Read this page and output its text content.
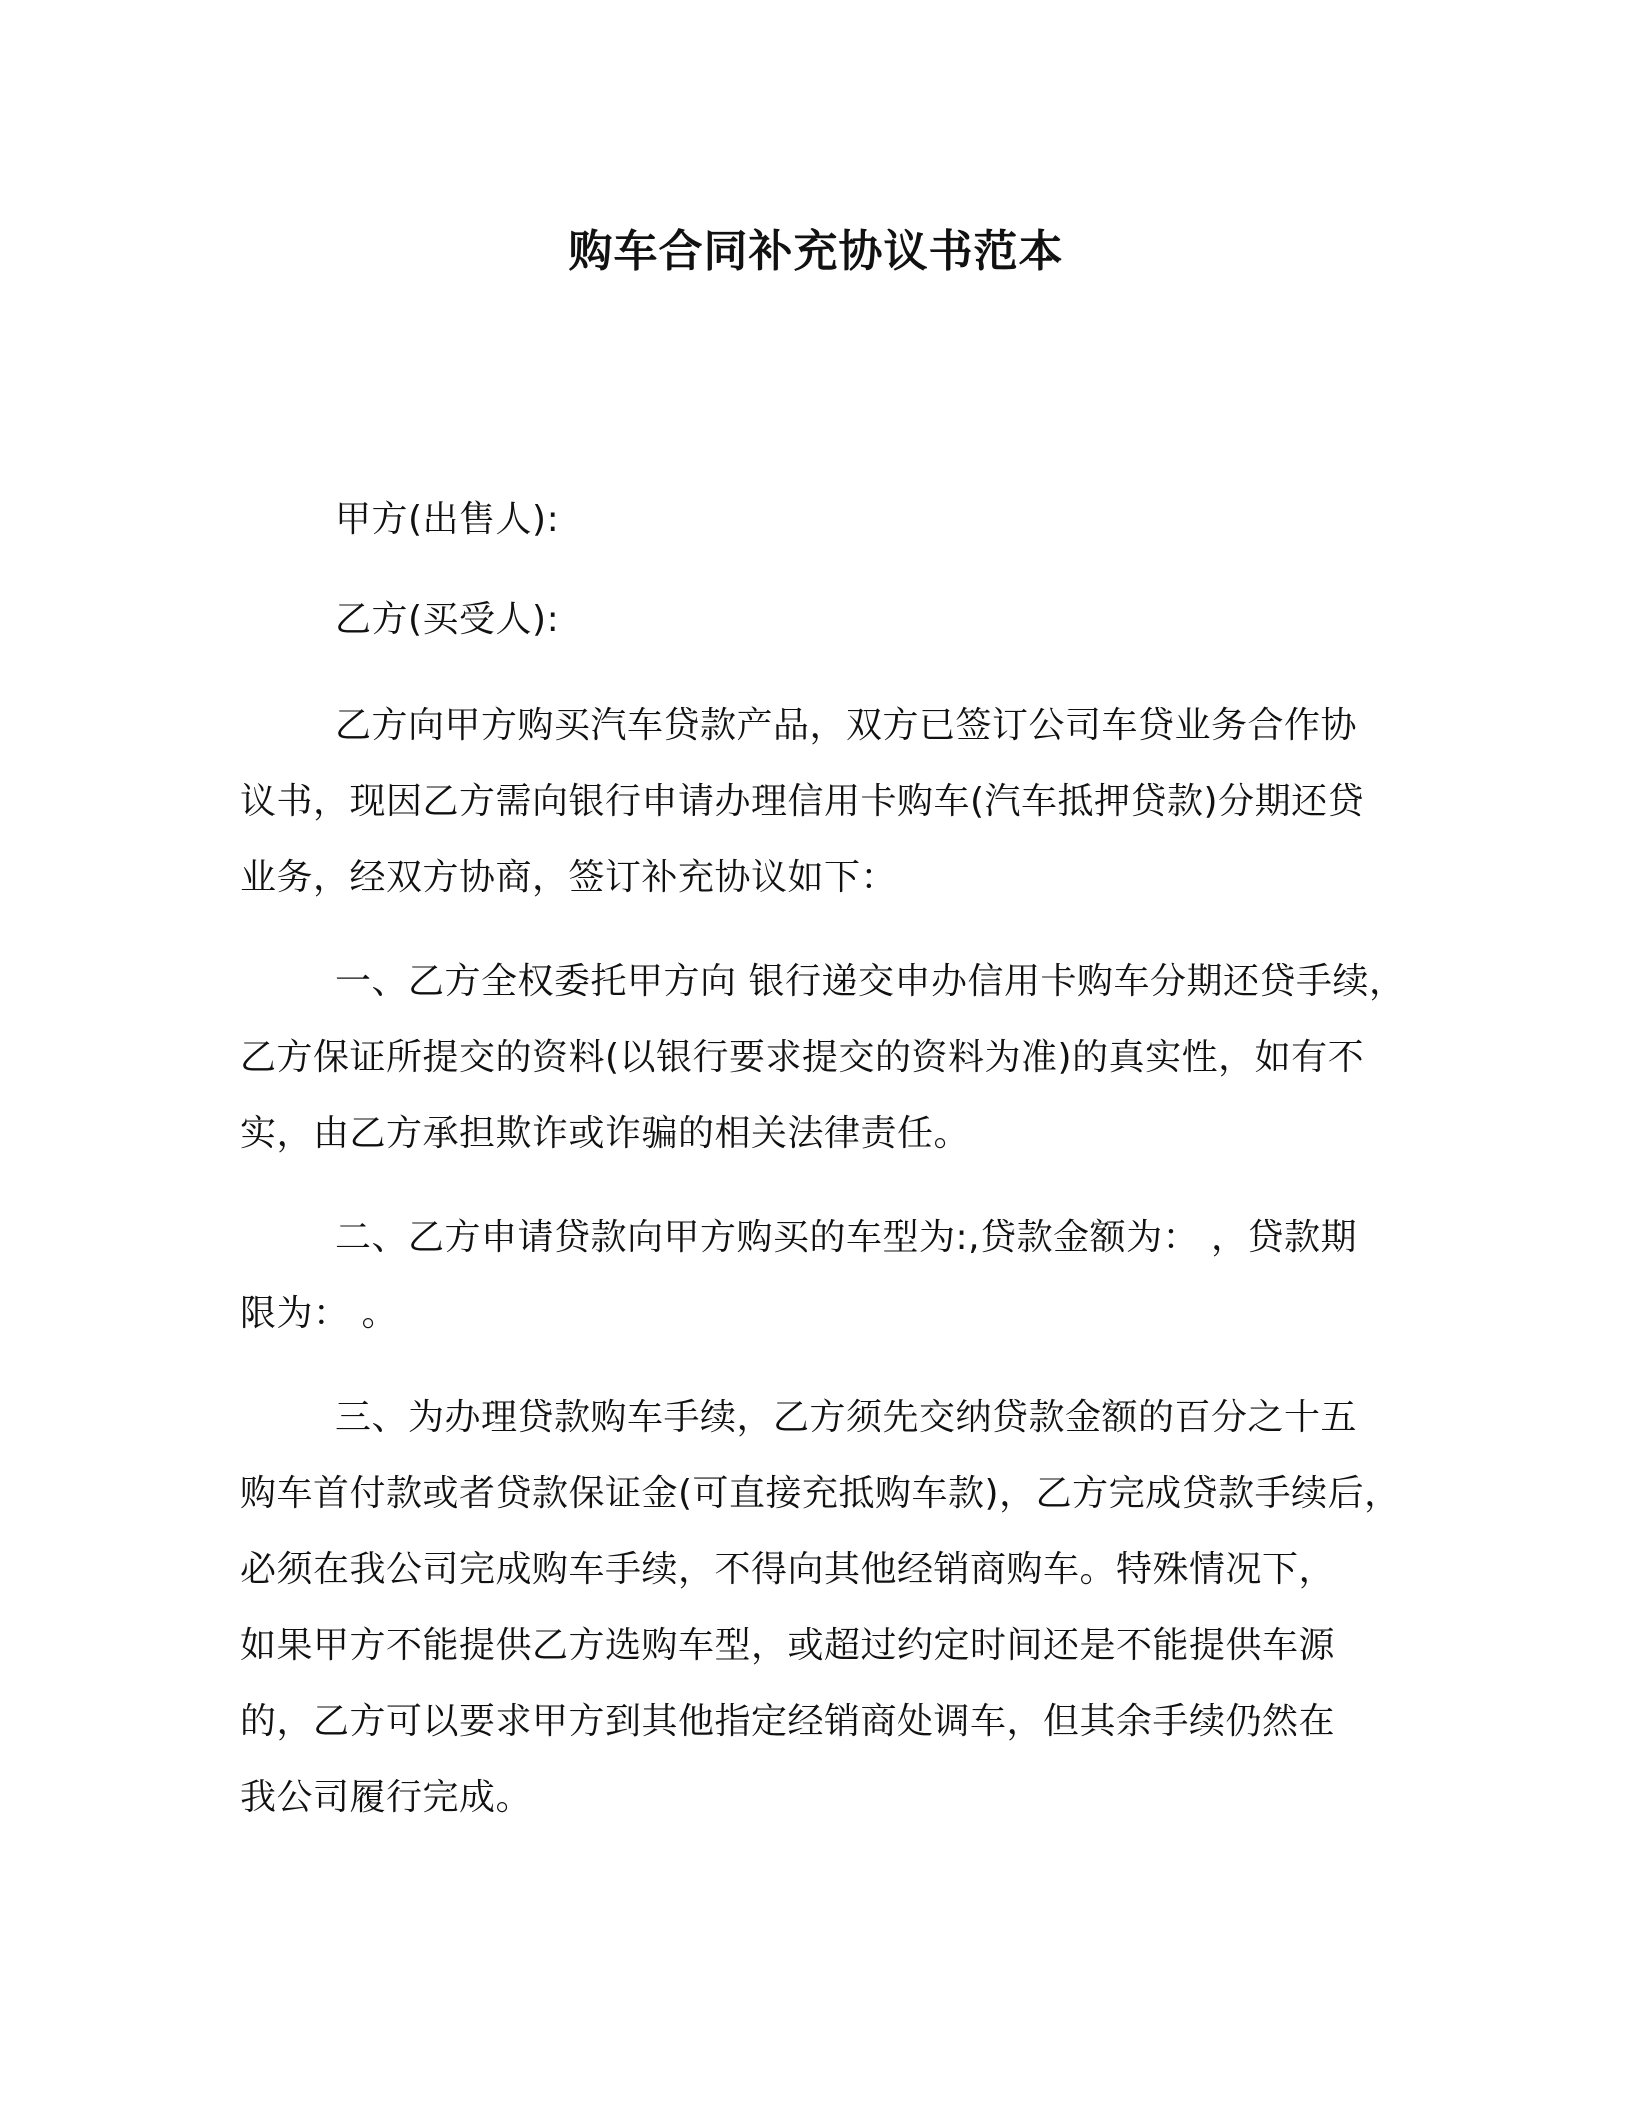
购车合同补充协议书范本
甲方(出售人):
乙方(买受人):
乙方向甲方购买汽车贷款产品，双方已签订公司车贷业务合作协
议书，现因乙方需向银行申请办理信用卡购车(汽车抵押贷款)分期还贷
业务，经双方协商，签订补充协议如下：
一、乙方全权委托甲方向 银行递交申办信用卡购车分期还贷手续，
乙方保证所提交的资料(以银行要求提交的资料为准)的真实性，如有不
实，由乙方承担欺诈或诈骗的相关法律责任。
二、乙方申请贷款向甲方购买的车型为:,贷款金额为： ，贷款期
限为： 。
三、为办理贷款购车手续，乙方须先交纳贷款金额的百分之十五
购车首付款或者贷款保证金(可直接充抵购车款)，乙方完成贷款手续后，
必须在我公司完成购车手续，不得向其他经销商购车。特殊情况下，
如果甲方不能提供乙方选购车型，或超过约定时间还是不能提供车源
的，乙方可以要求甲方到其他指定经销商处调车，但其余手续仍然在
我公司履行完成。
